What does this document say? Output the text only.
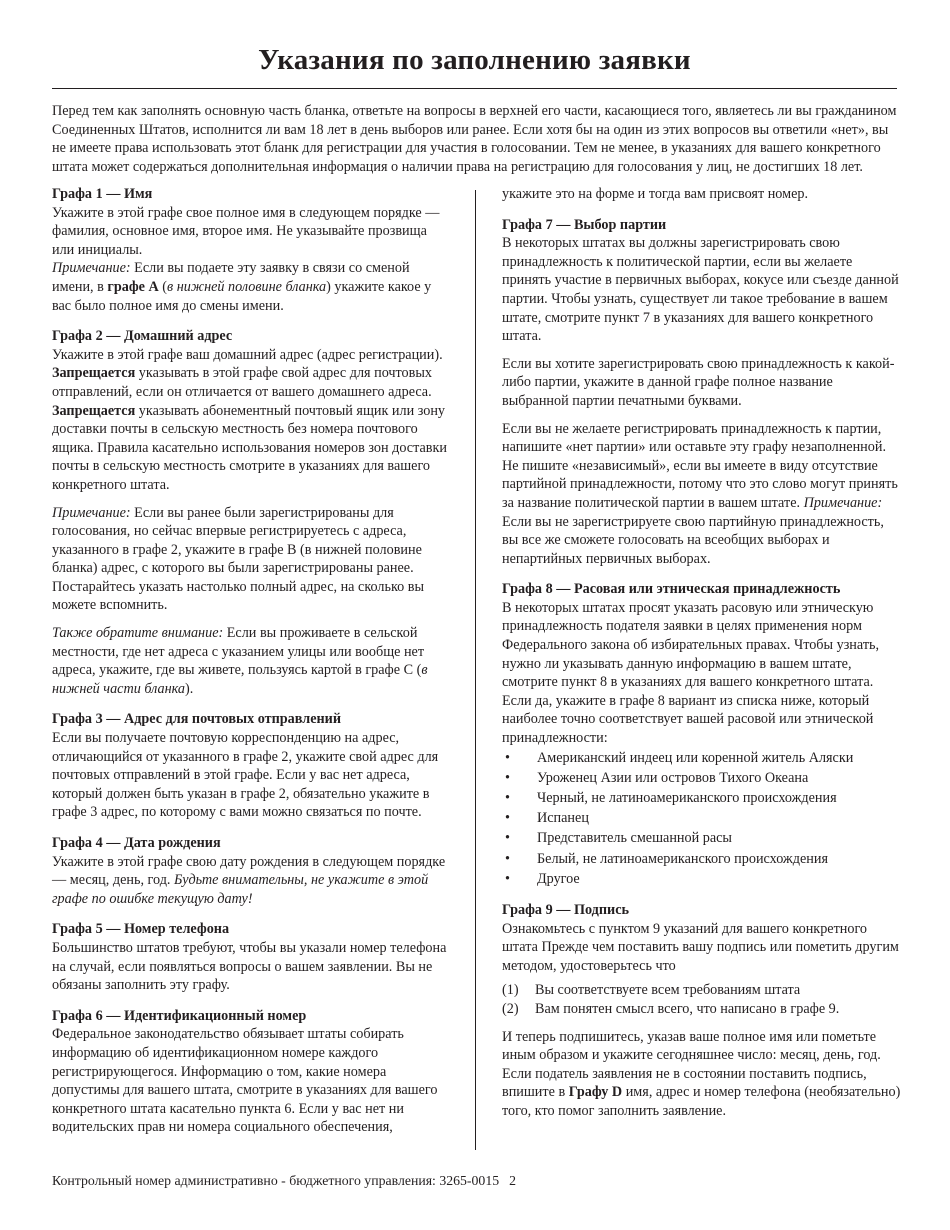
Указания по заполнению заявки

Перед тем как заполнять основную часть бланка, ответьте на вопросы в верхней его части, касающиеся того, являетесь ли вы гражданином Соединенных Штатов, исполнится ли вам 18 лет в день выборов или ранее. Если хотя бы на один из этих вопросов вы ответили «нет», вы не имеете права использовать этот бланк для регистрации для участия в голосовании. Тем не менее, в указаниях для вашего конкретного штата может содержаться дополнительная информация о наличии права на регистрацию для голосования у лиц, не достигших 18 лет.

Графа 1 — Имя

Укажите в этой графе свое полное имя в следующем порядке — фамилия, основное имя, второе имя. Не указывайте прозвища или инициалы.

Примечание: Если вы подаете эту заявку в связи со сменой имени, в графе А (в нижней половине бланка) укажите какое у вас было полное имя до смены имени.

Графа 2 — Домашний адрес

Укажите в этой графе ваш домашний адрес (адрес регистрации).
Запрещается указывать в этой графе свой адрес для почтовых отправлений, если он отличается от вашего домашнего адреса.
Запрещается указывать абонементный почтовый ящик или зону доставки почты в сельскую местность без номера почтового ящика. Правила касательно использования номеров зон доставки почты в сельскую местность смотрите в указаниях для вашего конкретного штата.

Примечание: Если вы ранее были зарегистрированы для голосования, но сейчас впервые регистрируетесь с адреса, указанного в графе 2, укажите в графе B (в нижней половине бланка) адрес, с которого вы были зарегистрированы ранее. Постарайтесь указать настолько полный адрес, на сколько вы можете вспомнить.

Также обратите внимание: Если вы проживаете в сельской местности, где нет адреса с указанием улицы или вообще нет адреса, укажите, где вы живете, пользуясь картой в графе С (в нижней части бланка).

Графа 3 — Адрес для почтовых отправлений

Если вы получаете почтовую корреспонденцию на адрес, отличающийся от указанного в графе 2, укажите свой адрес для почтовых отправлений в этой графе. Если у вас нет адреса, который должен быть указан в графе 2, обязательно укажите в графе 3 адрес, по которому с вами можно связаться по почте.

Графа 4 — Дата рождения

Укажите в этой графе свою дату рождения в следующем порядке — месяц, день, год. Будьте внимательны, не укажите в этой графе по ошибке текущую дату!

Графа 5 — Номер телефона

Большинство штатов требуют, чтобы вы указали номер телефона на случай, если появляться вопросы о вашем заявлении. Вы не обязаны заполнить эту графу.

Графа 6 — Идентификационный номер

Федеральное законодательство обязывает штаты собирать информацию об идентификационном номере каждого регистрирующегося. Информацию о том, какие номера допустимы для вашего штата, смотрите в указаниях для вашего конкретного штата касательно пункта 6. Если у вас нет ни водительских прав ни номера социального обеспечения,

укажите это на форме и тогда вам присвоят номер.

Графа 7 — Выбор партии

В некоторых штатах вы должны зарегистрировать свою принадлежность к политической партии, если вы желаете принять участие в первичных выборах, кокусе или съезде данной партии. Чтобы узнать, существует ли такое требование в вашем штате, смотрите пункт 7 в указаниях для вашего конкретного штата.

Если вы хотите зарегистрировать свою принадлежность к какой-либо партии, укажите в данной графе полное название выбранной партии печатными буквами.

Если вы не желаете регистрировать принадлежность к партии, напишите «нет партии» или оставьте эту графу незаполненной. Не пишите «независимый», если вы имеете в виду отсутствие партийной принадлежности, потому что это слово могут принять за название политической партии в вашем штате. Примечание: Если вы не зарегистрируете свою партийную принадлежность, вы все же сможете голосовать на всеобщих выборах и непартийных первичных выборах.

Графа 8 — Расовая или этническая принадлежность

В некоторых штатах просят указать расовую или этническую принадлежность подателя заявки в целях применения норм Федерального закона об избирательных правах. Чтобы узнать, нужно ли указывать данную информацию в вашем штате, смотрите пункт 8 в указаниях для вашего конкретного штата. Если да, укажите в графе 8 вариант из списка ниже, который наиболее точно соответствует вашей расовой или этнической принадлежности:

• Американский индеец или коренной житель Аляски
• Уроженец Азии или островов Тихого Океана
• Черный, не латиноамериканского происхождения
• Испанец
• Представитель смешанной расы
• Белый, не латиноамериканского происхождения
• Другое

Графа 9 — Подпись

Ознакомьтесь с пунктом 9 указаний для вашего конкретного штата Прежде чем поставить вашу подпись или пометить другим методом, удостоверьтесь что

(1) Вы соответствуете всем требованиям штата
(2) Вам понятен смысл всего, что написано в графе 9.

И теперь подпишитесь, указав ваше полное имя или пометьте иным образом и укажите сегодняшнее число: месяц, день, год. Если податель заявления не в состоянии поставить подпись, впишите в Графу D имя, адрес и номер телефона (необязательно) того, кто помог заполнить заявление.

Контрольный номер административно - бюджетного управления: 3265-0015 2
